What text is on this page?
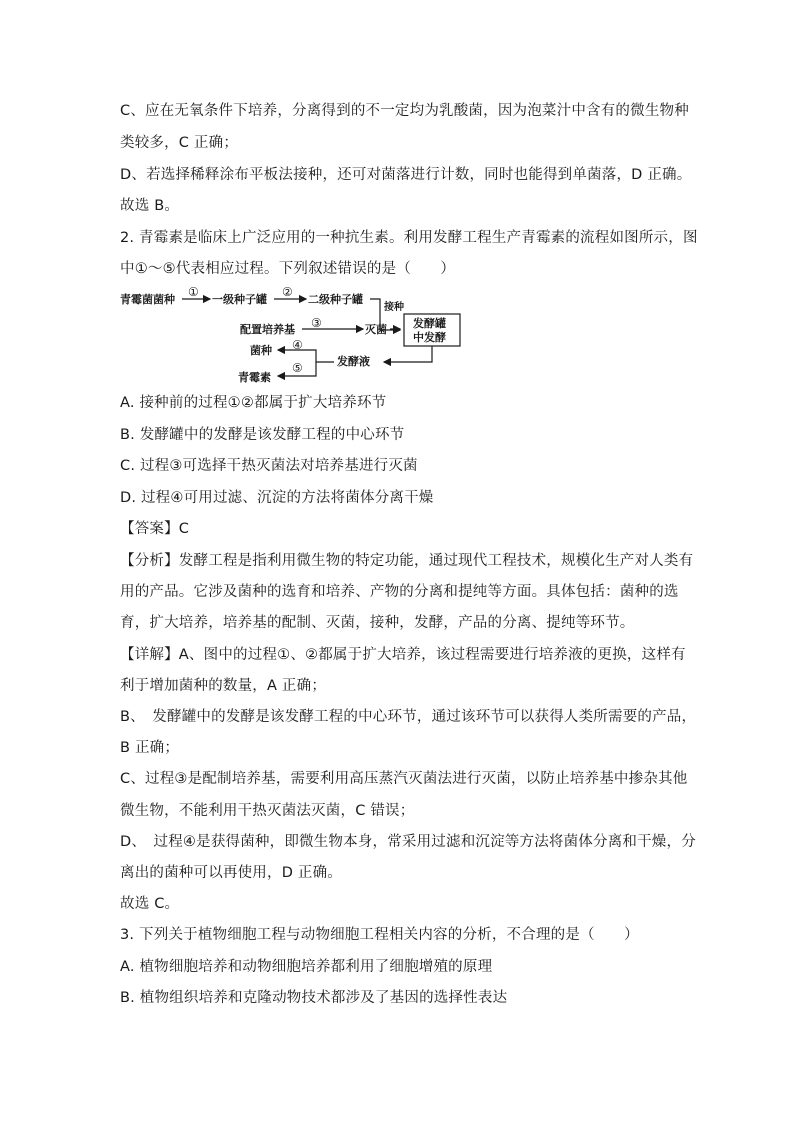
C、应在无氧条件下培养，分离得到的不一定均为乳酸菌，因为泡菜汁中含有的微生物种
类较多，C 正确；
D、若选择稀释涂布平板法接种，还可对菌落进行计数，同时也能得到单菌落，D 正确。
故选 B。
2. 青霉素是临床上广泛应用的一种抗生素。利用发酵工程生产青霉素的流程如图所示，图
中①～⑤代表相应过程。下列叙述错误的是（　　）
青霉菌菌种	一级种子罐	二级种子罐
配置培养基	灭菌 发酵罐
中发酵
发酵液
菌种
青霉素
接种
①	②
③
④
⑤
A. 接种前的过程①②都属于扩大培养环节
B. 发酵罐中的发酵是该发酵工程的中心环节
C. 过程③可选择干热灭菌法对培养基进行灭菌
D. 过程④可用过滤、沉淀的方法将菌体分离干燥
【答案】C
【分析】发酵工程是指利用微生物的特定功能，通过现代工程技术，规模化生产对人类有
用的产品。它涉及菌种的选育和培养、产物的分离和提纯等方面。具体包括：菌种的选
育，扩大培养，培养基的配制、灭菌，接种，发酵，产品的分离、提纯等环节。
【详解】A、图中的过程①、②都属于扩大培养，该过程需要进行培养液的更换，这样有
利于增加菌种的数量，A 正确；
B、　发酵罐中的发酵是该发酵工程的中心环节，通过该环节可以获得人类所需要的产品，
B 正确；
C、过程③是配制培养基，需要利用高压蒸汽灭菌法进行灭菌，以防止培养基中掺杂其他
微生物，不能利用干热灭菌法灭菌，C 错误；
D、　过程④是获得菌种，即微生物本身，常采用过滤和沉淀等方法将菌体分离和干燥，分
离出的菌种可以再使用，D 正确。
故选 C。
3. 下列关于植物细胞工程与动物细胞工程相关内容的分析，不合理的是（　　）
A. 植物细胞培养和动物细胞培养都利用了细胞增殖的原理
B. 植物组织培养和克隆动物技术都涉及了基因的选择性表达
